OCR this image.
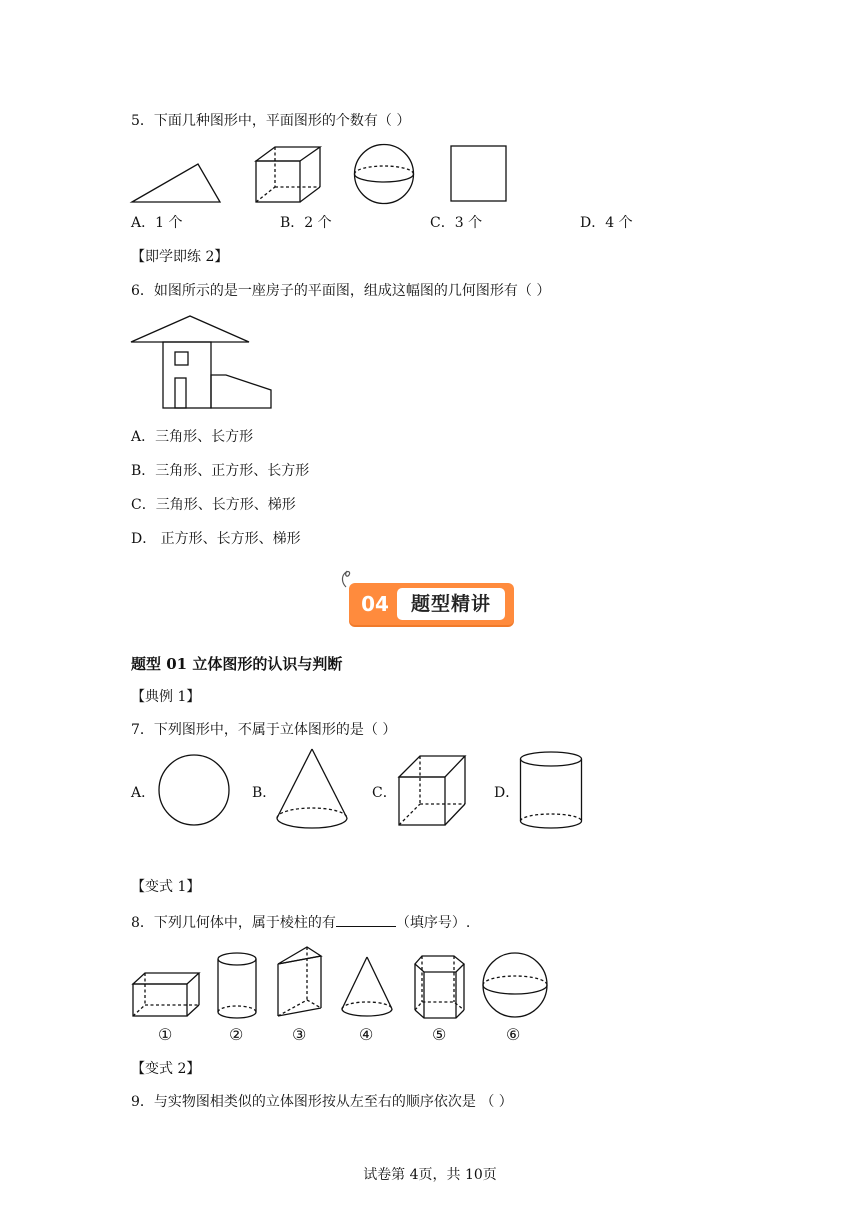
5．下面几种图形中，平面图形的个数有（ ）
A．1 个	B．2 个	C．3 个	D．4 个
【即学即练 2】
6．如图所示的是一座房子的平面图，组成这幅图的几何图形有（ ）
A．三角形、长方形
B．三角形、正方形、长方形
C．三角形、长方形、梯形
D． 正方形、长方形、梯形
04	题型精讲
题型 01 立体图形的认识与判断
【典例 1】
7．下列图形中，不属于立体图形的是（ ）
A．	B．	C．	D．
【变式 1】
8．下列几何体中，属于棱柱的有	（填序号）.
①	②	③	④	⑤	⑥
【变式 2】
9．与实物图相类似的立体图形按从左至右的顺序依次是 （ ）
试卷第 4页，共 10页
